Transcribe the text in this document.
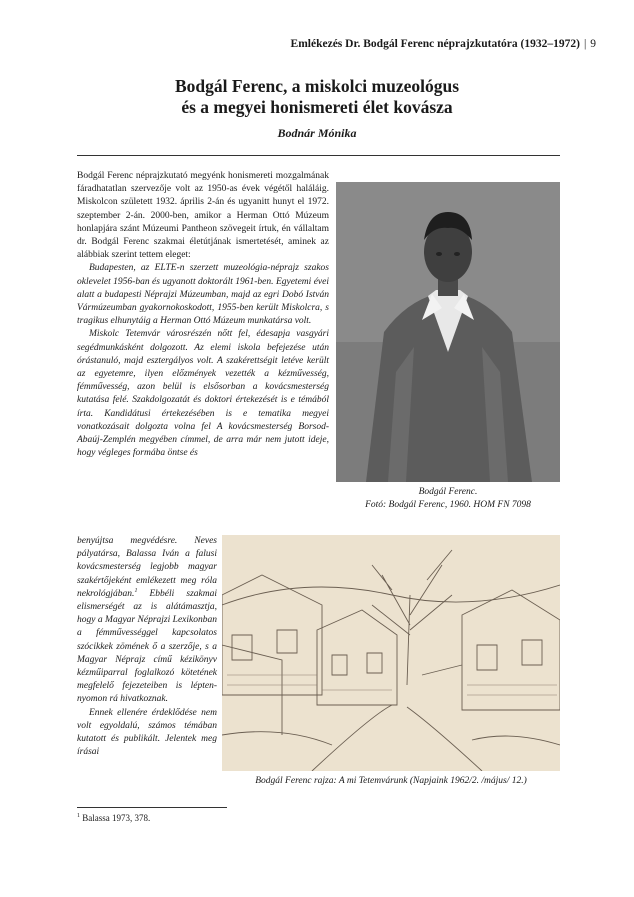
Emlékezés Dr. Bodgál Ferenc néprajzkutatóra (1932–1972) | 9
Bodgál Ferenc, a miskolci muzeológus
és a megyei honismereti élet kovásza
Bodnár Mónika

Bodgál Ferenc néprajzkutató megyénk honismereti mozgalmának fáradhatatlan szervezője volt az 1950-as évek végétől haláláig. Miskolcon született 1932. április 2-án és ugyanitt hunyt el 1972. szeptember 2-án. 2000-ben, amikor a Herman Ottó Múzeum honlapjára szánt Múzeumi Pantheon szövegeit írtuk, én vállaltam dr. Bodgál Ferenc szakmai életútjának ismertetését, aminek az alábbiak szerint tettem eleget:

Budapesten, az ELTE-n szerzett muzeológia-néprajz szakos oklevelet 1956-ban és ugyanott doktorált 1961-ben. Egyetemi évei alatt a budapesti Néprajzi Múzeumban, majd az egri Dobó István Vármúzeumban gyakornokoskodott, 1955-ben került Miskolcra, s tragikus elhunytáig a Herman Ottó Múzeum munkatársa volt.

Miskolc Tetemvár városrészén nőtt fel, édesapja vasgyári segédmunkásként dolgozott. Az elemi iskola befejezése után órástanuló, majd esztergályos volt. A szakérettségit letéve került az egyetemre, ilyen előzmények vezették a kézművesség, fémművesség, azon belül is elsősorban a kovácsmesterség kutatása felé. Szakdolgozatát és doktori értekezését is e témából írta. Kandidátusi értekezésében is e tematika megyei vonatkozásait dolgozta volna fel A kovácsmesterség Borsod-Abaúj-Zemplén megyében címmel, de arra már nem jutott ideje, hogy végleges formába öntse és

benyújtsa megvédésre. Neves pályatársa, Balassa Iván a falusi kovácsmesterség legjobb magyar szakértőjeként emlékezett meg róla nekrológjában.$^1$ Ebbéli szakmai elismerségét az is alátámasztja, hogy a Magyar Néprajzi Lexikonban a fémművességgel kapcsolatos szócikkek zömének ő a szerzője, s a Magyar Néprajz című kézikönyv kézműiparral foglalkozó kötetének megfelelő fejezeteiben is lépten-nyomon rá hivatkoznak.

Ennek ellenére érdeklődése nem volt egyoldalú, számos témában kutatott és publikált. Jelentek meg írásai

Bodgál Ferenc.
Fotó: Bodgál Ferenc, 1960. HOM FN 7098
Bodgál Ferenc rajza: A mi Tetemvárunk (Napjaink 1962/2. /május/ 12.)
$^1$ Balassa 1973, 378.
